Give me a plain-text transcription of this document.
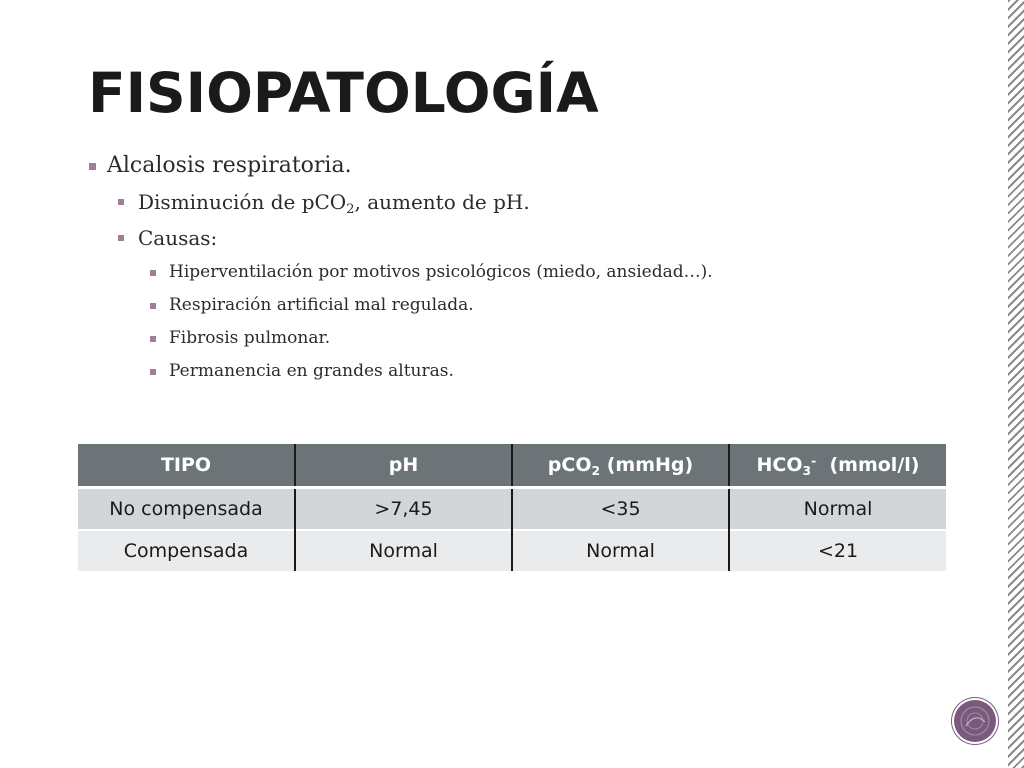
FISIOPATOLOGÍA
Alcalosis respiratoria.
Disminución de pCO$_2$, aumento de pH.
Causas:
Hiperventilación por motivos psicológicos (miedo, ansiedad…).
Respiración artificial mal regulada.
Fibrosis pulmonar.
Permanencia en grandes alturas.
TIPO	pH	pCO$_2$ (mmHg)	$HCO_3^-$  (mmol/l)
No compensada	>7,45	<35	Normal
Compensada	Normal	Normal	<21
